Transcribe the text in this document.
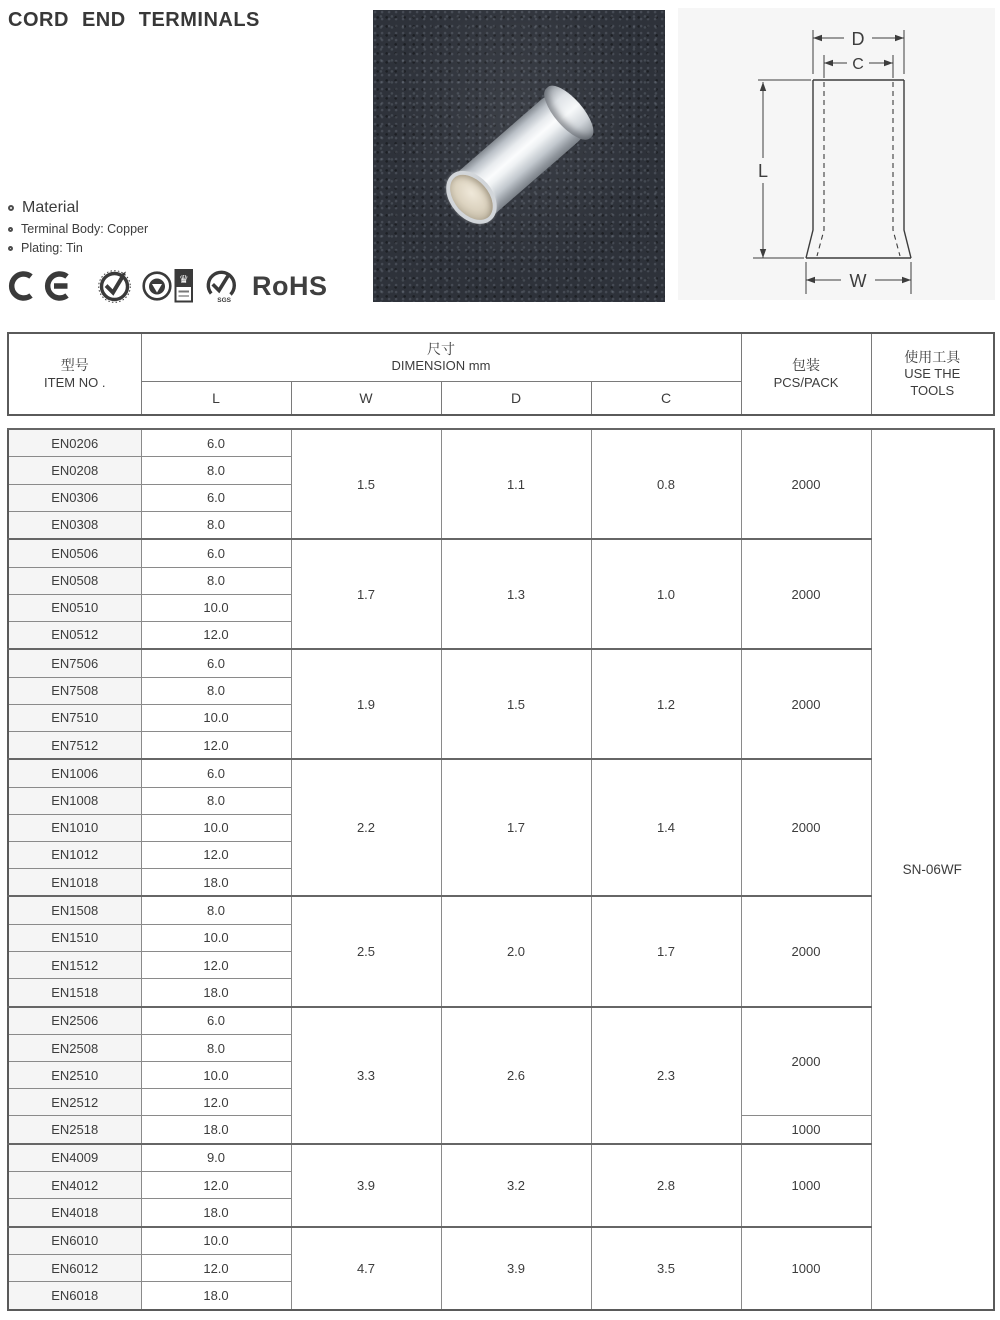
CORD END TERMINALS
Material
Terminal Body: Copper
Plating: Tin
♛
SGS RoHS
D
C
L
W
型号
ITEM NO .

尺寸
DIMENSION mm	包装
PCS/PACK

使用工具
USE THE
TOOLS

	L	W	D	C		
EN0206	6.0	1.5	1.1	0.8	2000	SN-06WF
EN0208	8.0					
EN0306	6.0					
EN0308	8.0					
EN0506	6.0	1.7	1.3	1.0	2000	
EN0508	8.0					
EN0510	10.0					
EN0512	12.0					
EN7506	6.0	1.9	1.5	1.2	2000	
EN7508	8.0					
EN7510	10.0					
EN7512	12.0					
EN1006	6.0	2.2	1.7	1.4	2000	
EN1008	8.0					
EN1010	10.0					
EN1012	12.0					
EN1018	18.0					
EN1508	8.0	2.5	2.0	1.7	2000	
EN1510	10.0					
EN1512	12.0					
EN1518	18.0					
EN2506	6.0	3.3	2.6	2.3	2000	
EN2508	8.0					
EN2510	10.0					
EN2512	12.0					
EN2518	18.0				1000	
EN4009	9.0	3.9	3.2	2.8	1000	
EN4012	12.0					
EN4018	18.0					
EN6010	10.0	4.7	3.9	3.5	1000	
EN6012	12.0					
EN6018	18.0					
